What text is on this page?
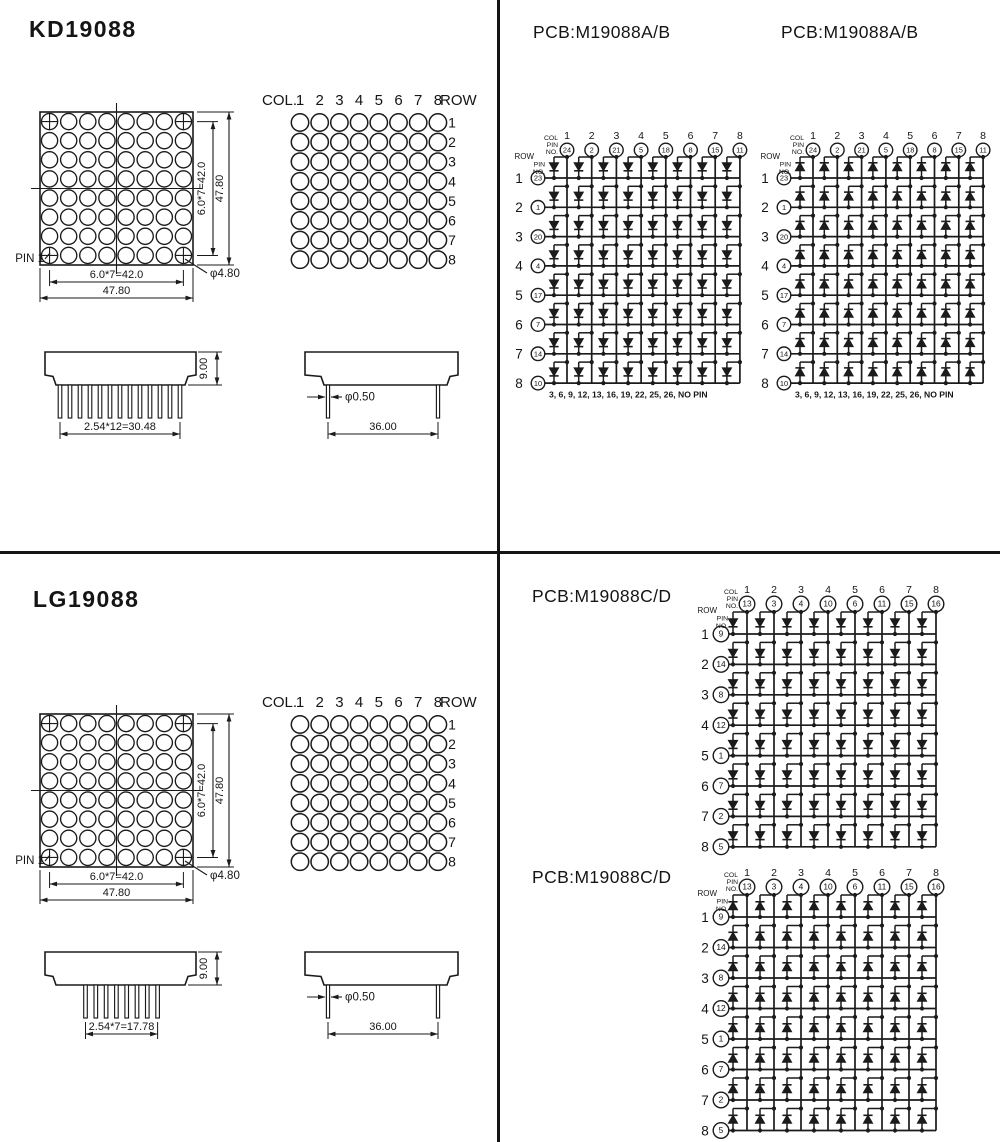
KD19088
LG19088
PCB:M19088A/B	PCB:M19088A/B
PCB:M19088C/D
PCB:M19088C/D
6.0*7=42.0 47.80
6.0*7=42.0
47.80
PIN 1
φ4.80
COL.	ROW
1 2 3 4 5 6 7 8
1
2
3
4
5
6
7
8
2.54*12=30.48
9.00
φ0.50
36.00
6.0*7=42.0 47.80
6.0*7=42.0
47.80
PIN 1
φ4.80
COL.	ROW
1 2 3 4 5 6 7 8
1
2
3
4
5
6
7
8
2.54*7=17.78
9.00
φ0.50
36.00
COL
PIN
NO.
ROW
PIN
NO.
1
24
2
2
3
21
4
5
5
18
6
8
7
15
8
11
1 23
2 1
3 20
4 4
5 17
6 7
7 14
8 10
3, 6, 9, 12, 13, 16, 19, 22, 25, 26, NO PIN
COL
PIN
NO.
ROW
PIN
NO.
1
24
2
2
3
21
4
5
5
18
6
8
7
15
8
11
1 23
2 1
3 20
4 4
5 17
6 7
7 14
8 10
3, 6, 9, 12, 13, 16, 19, 22, 25, 26, NO PIN
COL
PIN
NO.
ROW
PIN
NO.
1
13
2
3
3
4
4
10
5
6
6
11
7
15
8
16
1 9
2 14
3 8
4 12
5 1
6 7
7 2
8 5
COL
PIN
NO.
ROW
PIN
NO.
1
13
2
3
3
4
4
10
5
6
6
11
7
15
8
16
1 9
2 14
3 8
4 12
5 1
6 7
7 2
8 5
